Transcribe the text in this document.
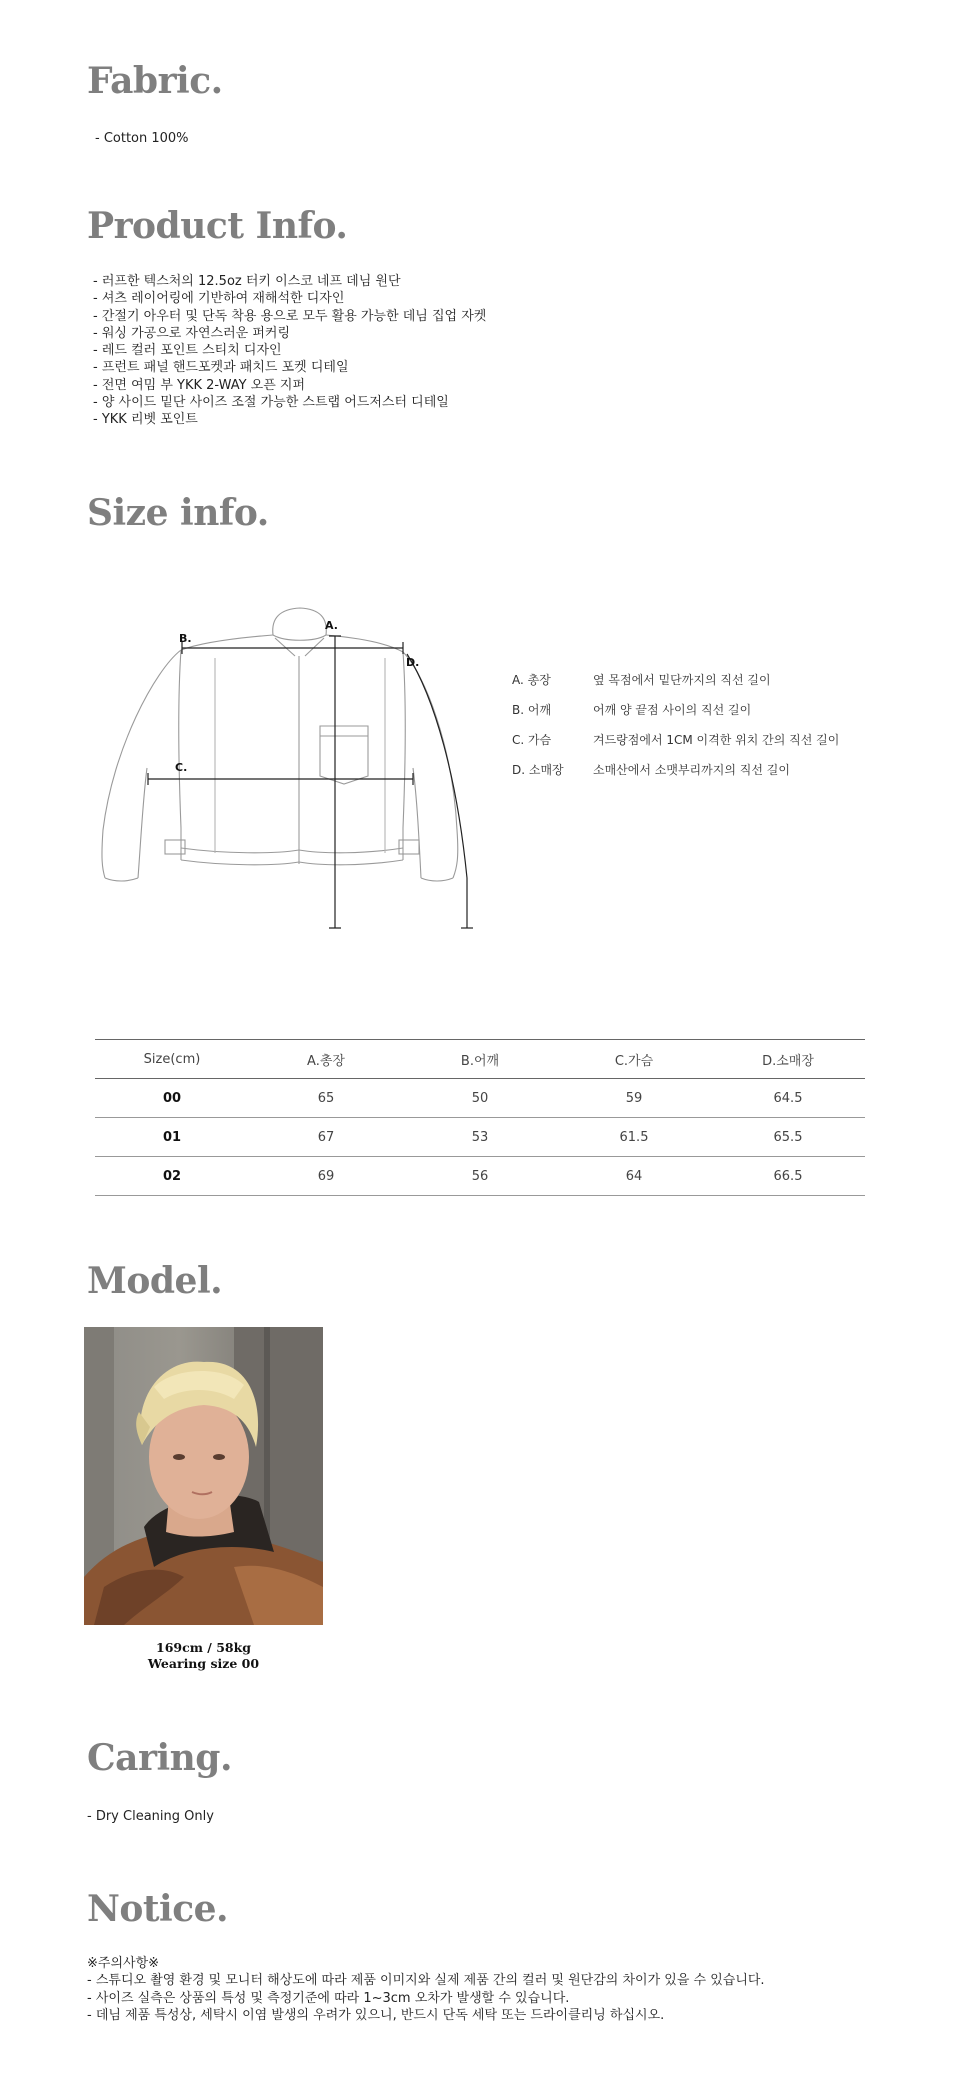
Fabric.
- Cotton 100%
Product Info.
- 러프한 텍스처의 12.5oz 터키 이스코 네프 데님 원단
- 셔츠 레이어링에 기반하여 재해석한 디자인
- 간절기 아우터 및 단독 착용 용으로 모두 활용 가능한 데님 집업 자켓
- 워싱 가공으로 자연스러운 퍼커링
- 레드 컬러 포인트 스티치 디자인
- 프런트 패널 핸드포켓과 패치드 포켓 디테일
- 전면 여밈 부 YKK 2-WAY 오픈 지퍼
- 양 사이드 밑단 사이즈 조절 가능한 스트랩 어드저스터 디테일
- YKK 리벳 포인트
Size info.
A.
B.
C.
D.
A. 총장	옆 목점에서 밑단까지의 직선 길이
B. 어깨	어깨 양 끝점 사이의 직선 길이
C. 가슴	겨드랑점에서 1CM 이격한 위치 간의 직선 길이
D. 소매장	소매산에서 소맷부리까지의 직선 길이
Size(cm)	A.총장	B.어깨	C.가슴	D.소매장
00	65	50	59	64.5
01	67	53	61.5	65.5
02	69	56	64	66.5
Model.
169cm / 58kg
Wearing size 00
Caring.
- Dry Cleaning Only
Notice.
※주의사항※
- 스튜디오 촬영 환경 및 모니터 해상도에 따라 제품 이미지와 실제 제품 간의 컬러 및 원단감의 차이가 있을 수 있습니다.
- 사이즈 실측은 상품의 특성 및 측정기준에 따라 1~3cm 오차가 발생할 수 있습니다.
- 데님 제품 특성상, 세탁시 이염 발생의 우려가 있으니, 반드시 단독 세탁 또는 드라이클리닝 하십시오.
